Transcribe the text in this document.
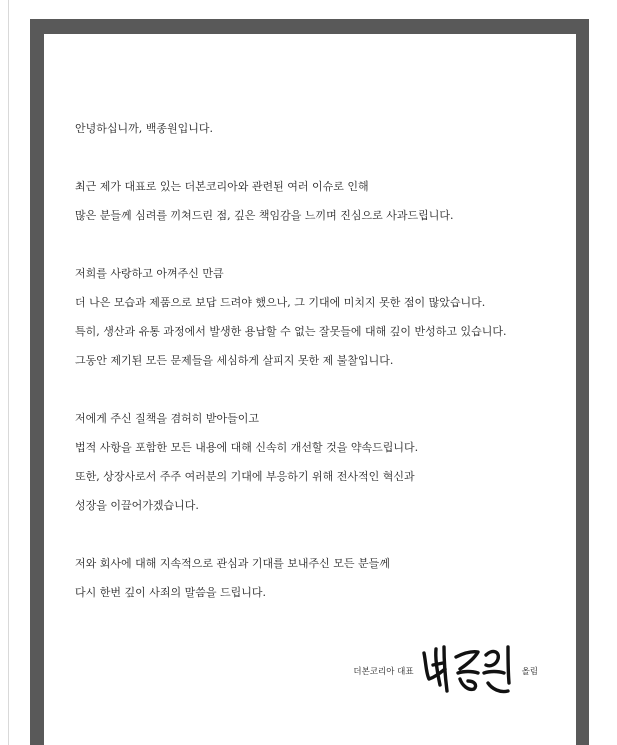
안녕하십니까, 백종원입니다.
최근 제가 대표로 있는 더본코리아와 관련된 여러 이슈로 인해
많은 분들께 심려를 끼쳐드린 점, 깊은 책임감을 느끼며 진심으로 사과드립니다.
저희를 사랑하고 아껴주신 만큼
더 나은 모습과 제품으로 보답 드려야 했으나, 그 기대에 미치지 못한 점이 많았습니다.
특히, 생산과 유통 과정에서 발생한 용납할 수 없는 잘못들에 대해 깊이 반성하고 있습니다.
그동안 제기된 모든 문제들을 세심하게 살피지 못한 제 불찰입니다.
저에게 주신 질책을 겸허히 받아들이고
법적 사항을 포함한 모든 내용에 대해 신속히 개선할 것을 약속드립니다.
또한, 상장사로서 주주 여러분의 기대에 부응하기 위해 전사적인 혁신과
성장을 이끌어가겠습니다.
저와 회사에 대해 지속적으로 관심과 기대를 보내주신 모든 분들께
다시 한번 깊이 사죄의 말씀을 드립니다.
더본코리아 대표	올림
